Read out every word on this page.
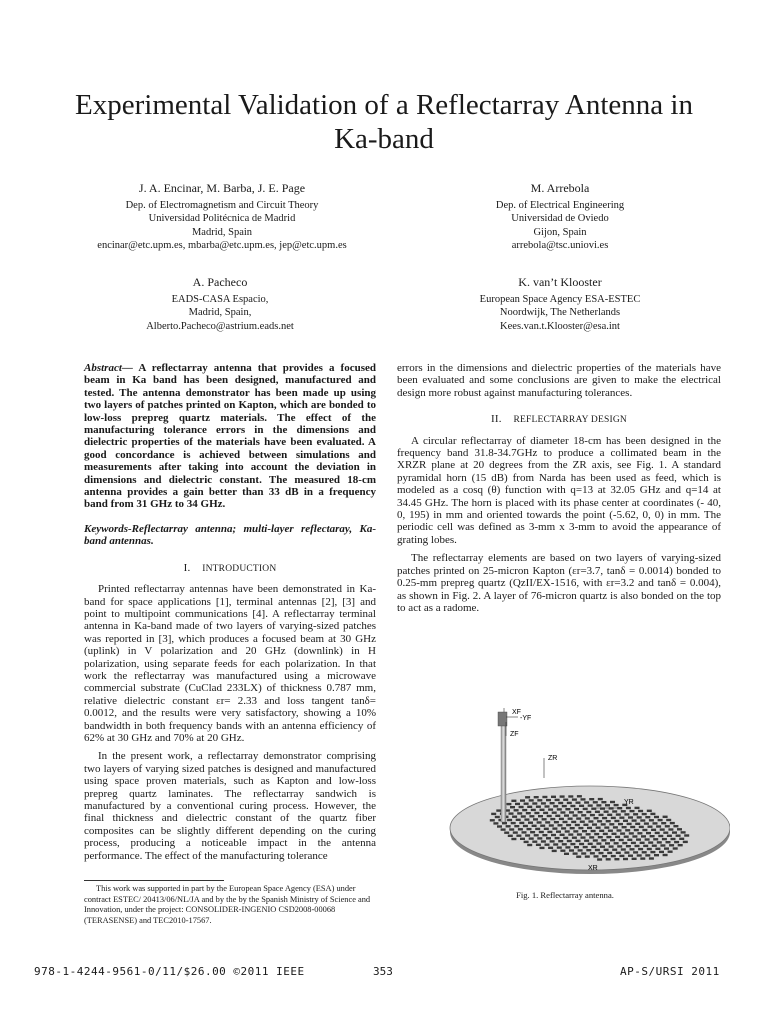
Experimental Validation of a Reflectarray Antenna in Ka-band
J. A. Encinar, M. Barba, J. E. Page
Dep. of Electromagnetism and Circuit Theory
Universidad Politécnica de Madrid
Madrid, Spain
encinar@etc.upm.es, mbarba@etc.upm.es, jep@etc.upm.es
M. Arrebola
Dep. of Electrical Engineering
Universidad de Oviedo
Gijon, Spain
arrebola@tsc.uniovi.es
A. Pacheco
EADS-CASA Espacio,
Madrid, Spain,
Alberto.Pacheco@astrium.eads.net
K. van’t Klooster
European Space Agency ESA-ESTEC
Noordwijk, The Netherlands
Kees.van.t.Klooster@esa.int

Abstract— A reflectarray antenna that provides a focused beam in Ka band has been designed, manufactured and tested. The antenna demonstrator has been made up using two layers of patches printed on Kapton, which are bonded to low-loss prepreg quartz materials. The effect of the manufacturing tolerance errors in the dimensions and dielectric properties of the materials have been evaluated. A good concordance is achieved between simulations and measurements after taking into account the deviation in dimensions and dielectric constant. The measured 18-cm antenna provides a gain better than 33 dB in a frequency band from 31 GHz to 34 GHz.

Keywords-Reflectarray antenna; multi-layer reflectaray, Ka-band antennas.

I. INTRODUCTION

Printed reflectarray antennas have been demonstrated in Ka-band for space applications [1], terminal antennas [2], [3] and point to multipoint communications [4]. A reflectarray terminal antenna in Ka-band made of two layers of varying-sized patches was reported in [3], which produces a focused beam at 30 GHz (uplink) in V polarization and 20 GHz (downlink) in H polarization, using separate feeds for each polarization. In that work the reflectarray was manufactured using a microwave commercial substrate (CuClad 233LX) of thickness 0.787 mm, relative dielectric constant εr= 2.33 and loss tangent tanδ= 0.0012, and the results were very satisfactory, showing a 10% bandwidth in both frequency bands with an antenna efficiency of 62% at 30 GHz and 70% at 20 GHz.

In the present work, a reflectarray demonstrator comprising two layers of varying sized patches is designed and manufactured using space proven materials, such as Kapton and low-loss prepreg quartz laminates. The reflectarray sandwich is manufactured by a conventional curing process. However, the final thickness and dielectric constant of the quartz fiber composites can be slightly different depending on the curing process, producing a noticeable impact in the antenna performance. The effect of the manufacturing tolerance

This work was supported in part by the European Space Agency (ESA) under contract ESTEC/ 20413/06/NL/JA and by the by the Spanish Ministry of Science and Innovation, under the project: CONSOLIDER-INGENIO CSD2008-00068 (TERASENSE) and TEC2010-17567.

errors in the dimensions and dielectric properties of the materials have been evaluated and some conclusions are given to make the electrical design more robust against manufacturing tolerances.

II. REFLECTARRAY DESIGN

A circular reflectarray of diameter 18-cm has been designed in the frequency band 31.8-34.7GHz to produce a collimated beam in the XRZR plane at 20 degrees from the ZR axis, see Fig. 1. A standard pyramidal horn (15 dB) from Narda has been used as feed, which is modeled as a cosq (θ) function with q=13 at 32.05 GHz and q=14 at 34.45 GHz. The horn is placed with its phase center at coordinates (- 40, 0, 195) in mm and oriented towards the point (-5.62, 0, 0) in mm. The periodic cell was defined as 3-mm x 3-mm to avoid the appearance of grating lobes.

The reflectarray elements are based on two layers of varying-sized patches printed on 25-micron Kapton (εr=3.7, tanδ = 0.0014) bonded to 0.25-mm prepreg quartz (QzII/EX-1516, with εr=3.2 and tanδ = 0.004), as shown in Fig. 2. A layer of 76-micron quartz is also bonded on the top to act as a radome.

XF
-YF
ZF
ZR
YR
XR
Fig. 1. Reflectarray antenna.
978-1-4244-9561-0/11/$26.00 ©2011 IEEE	353	AP-S/URSI 2011
